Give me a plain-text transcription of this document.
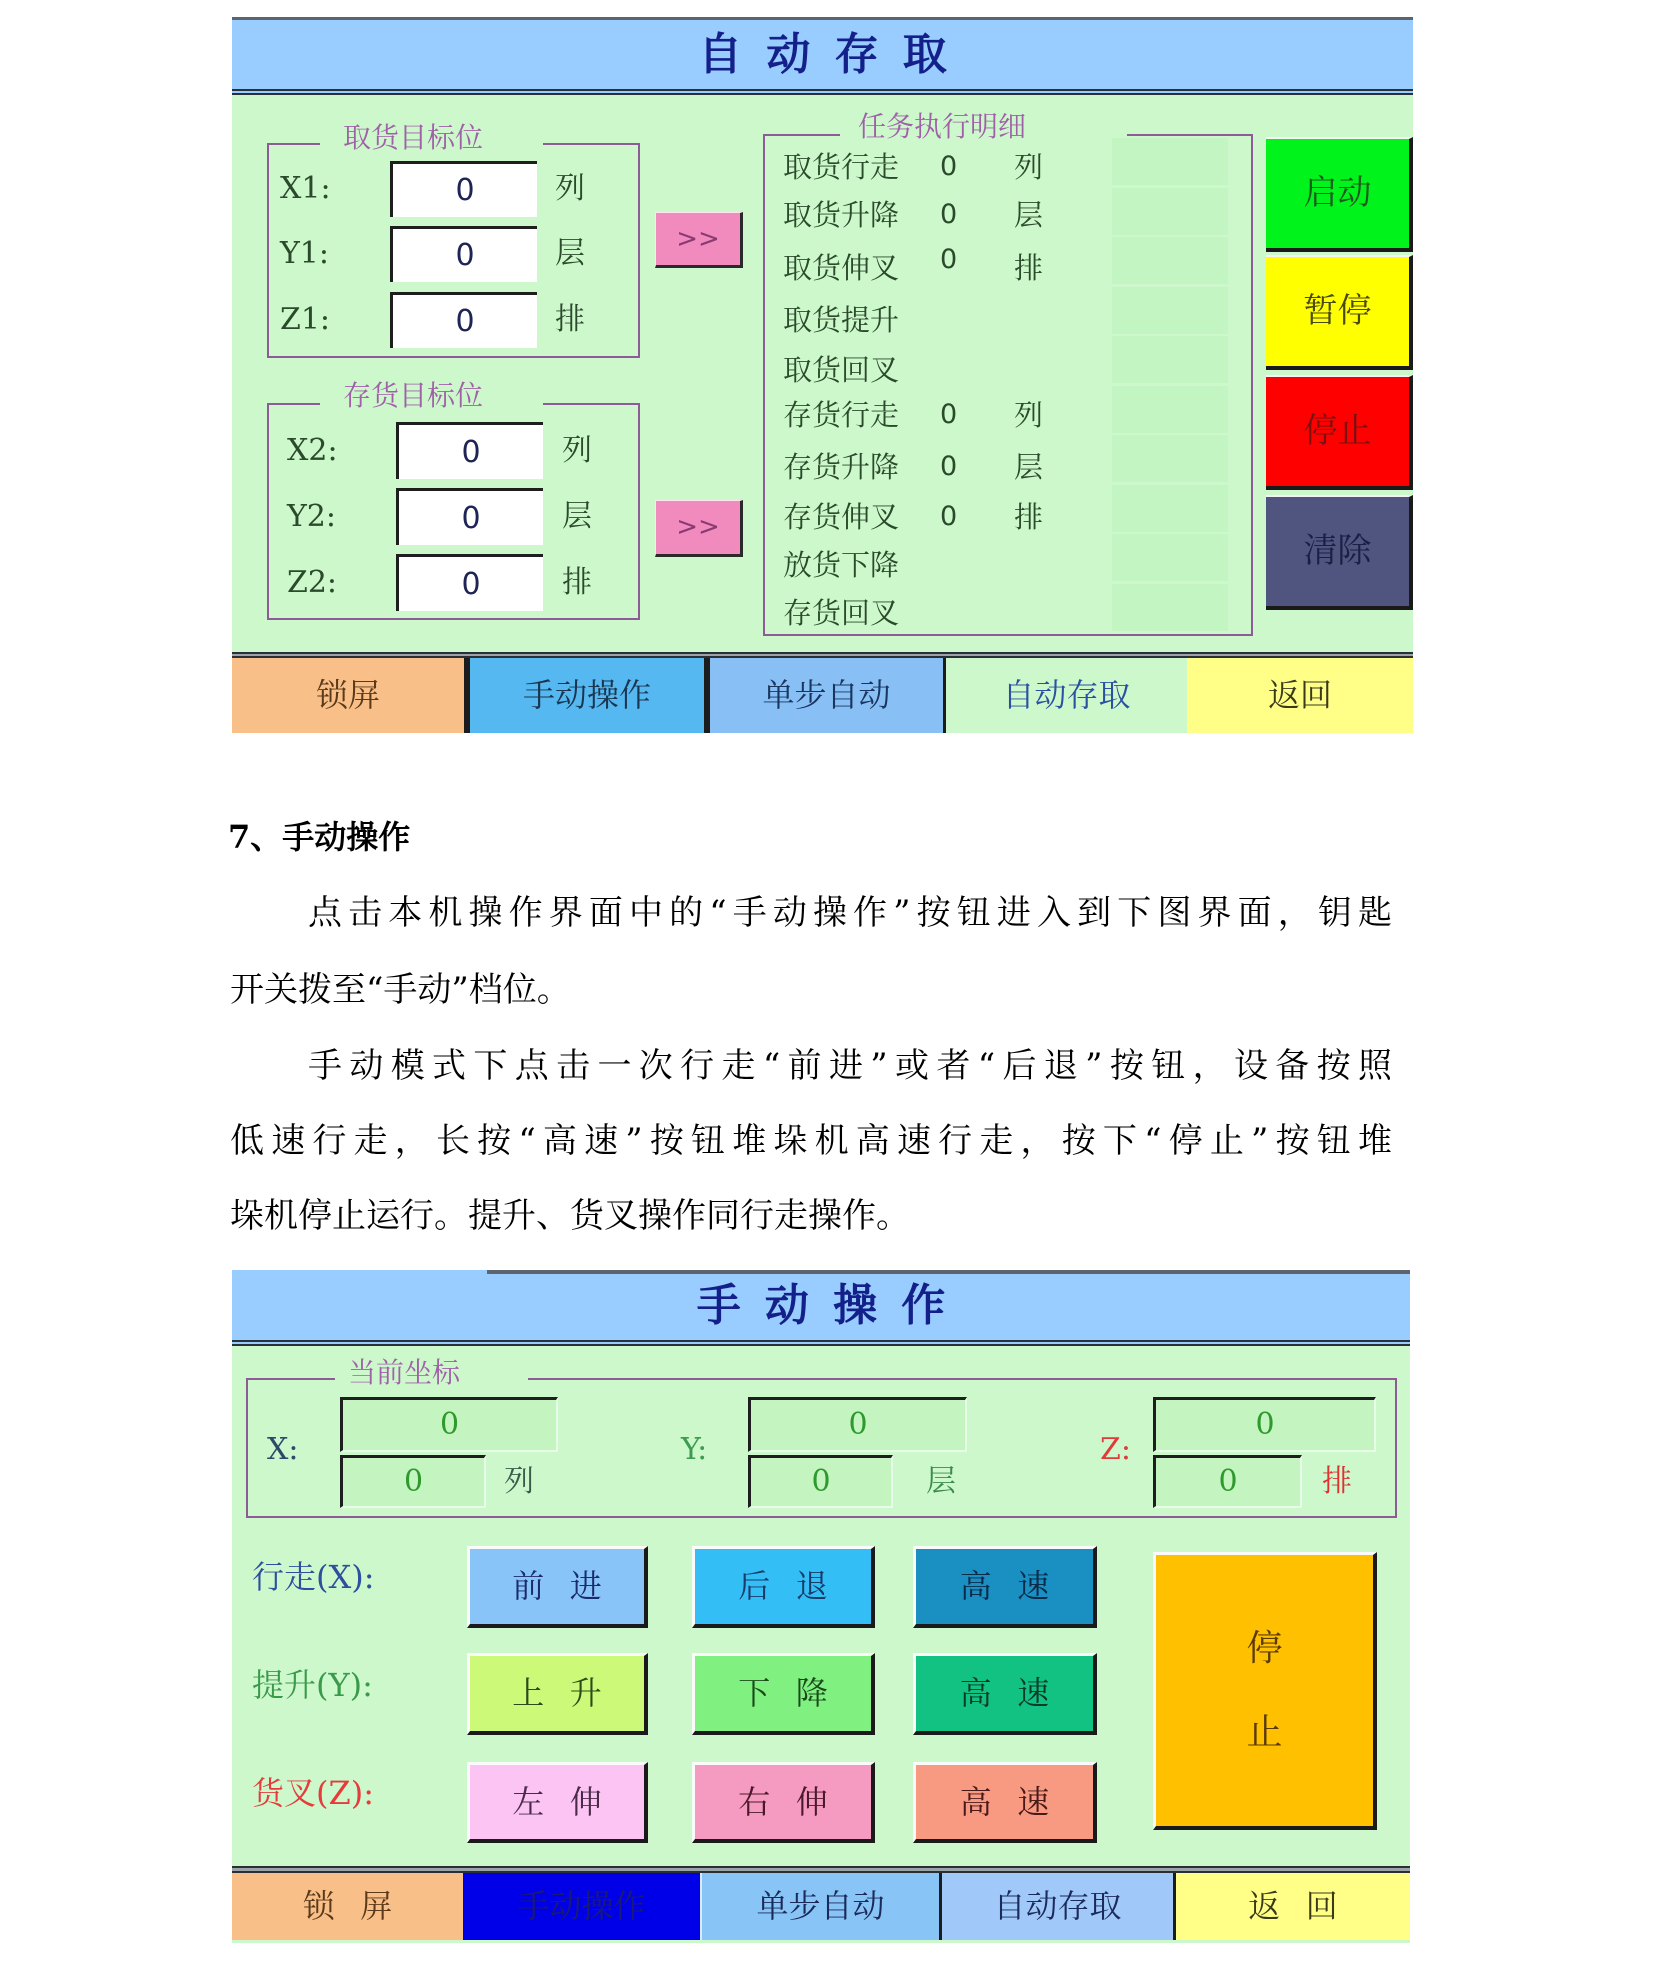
自动存取
取货目标位
X1:
0	列
Y1:
0	层
Z1:
0	排
>>
存货目标位
X2:
0	列
Y2:
0	层
Z2:
0	排
>>
任务执行明细
取货行走 0 列
取货升降 0 层
取货伸叉 0 排
取货提升
取货回叉
存货行走 0 列
存货升降 0 层
存货伸叉 0 排
放货下降
存货回叉
启动
暂停
停止
清除
锁屏	手动操作	单步自动	自动存取	返回
7、手动操作
点击本机操作界面中的“手动操作”按钮进入到下图界面，钥匙
开关拨至“手动”档位。
手动模式下点击一次行走“前进”或者“后退”按钮，设备按照
低速行走，长按“高速”按钮堆垛机高速行走，按下“停止”按钮堆
垛机停止运行。提升、货叉操作同行走操作。
手动操作
当前坐标
X:
0
0	列
Y:
0
0	层
Z:
0
0	排
行走(X):	前进	后退	高速
提升(Y):	上升	下降	高速
货叉(Z):	左伸	右伸	高速
停止
锁屏	手动操作	单步自动	自动存取	返回
